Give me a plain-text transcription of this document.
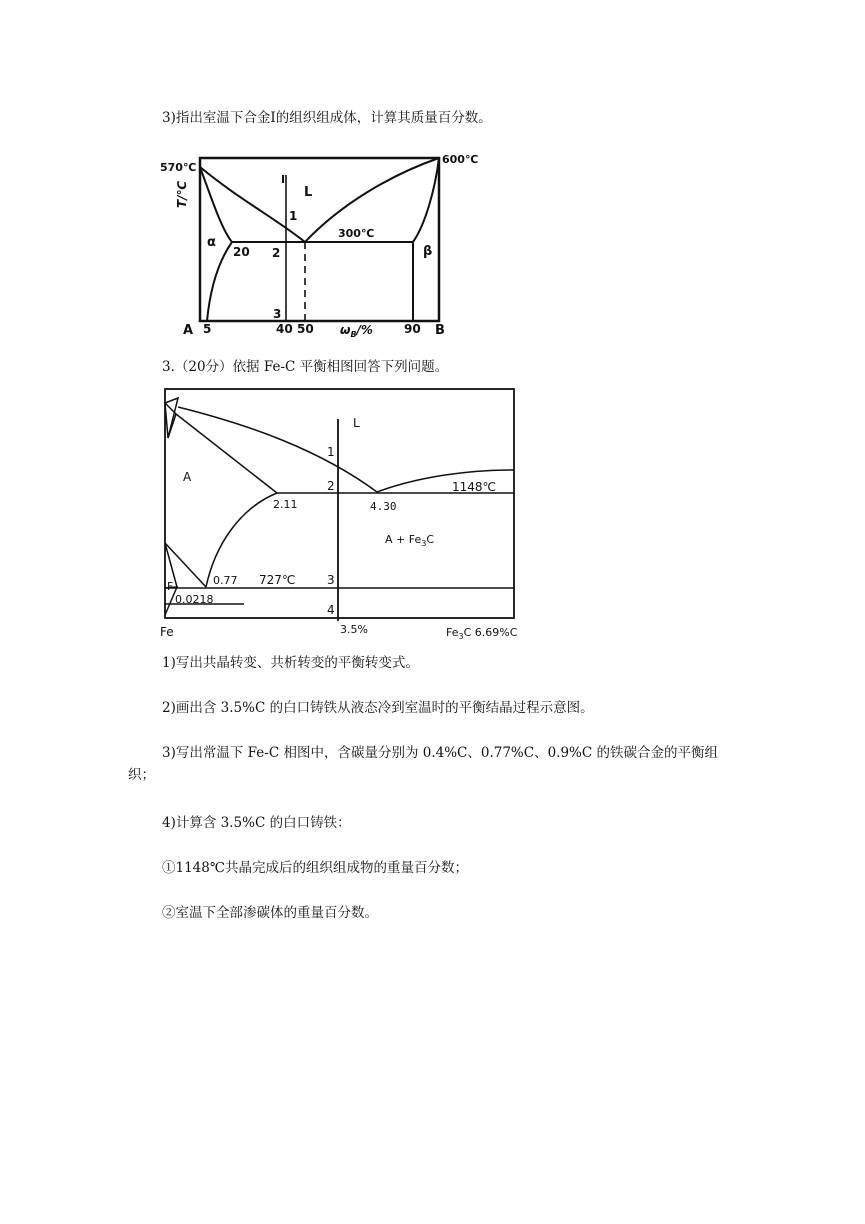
3)指出室温下合金Ⅰ的组织组成体，计算其质量百分数。

570℃
600℃
T/℃
Ⅰ
L
1
2
3
α
β
20
300℃
A 5	40 50 $\omega_B/\%$	90 B

3.（20分）依据 Fe-C 平衡相图回答下列问题。

L
A
1
2
3
4
2.11	4.30
1148℃
$A + Fe_3C$
F	0.77 727℃
0.0218
Fe	3.5%	$Fe_3C$ 6.69%C

1)写出共晶转变、共析转变的平衡转变式。

2)画出含 3.5%C 的白口铸铁从液态冷到室温时的平衡结晶过程示意图。

3)写出常温下 Fe-C 相图中，含碳量分别为 0.4%C、0.77%C、0.9%C 的铁碳合金的平衡组织；

4)计算含 3.5%C 的白口铸铁：

①1148℃共晶完成后的组织组成物的重量百分数；

②室温下全部渗碳体的重量百分数。
